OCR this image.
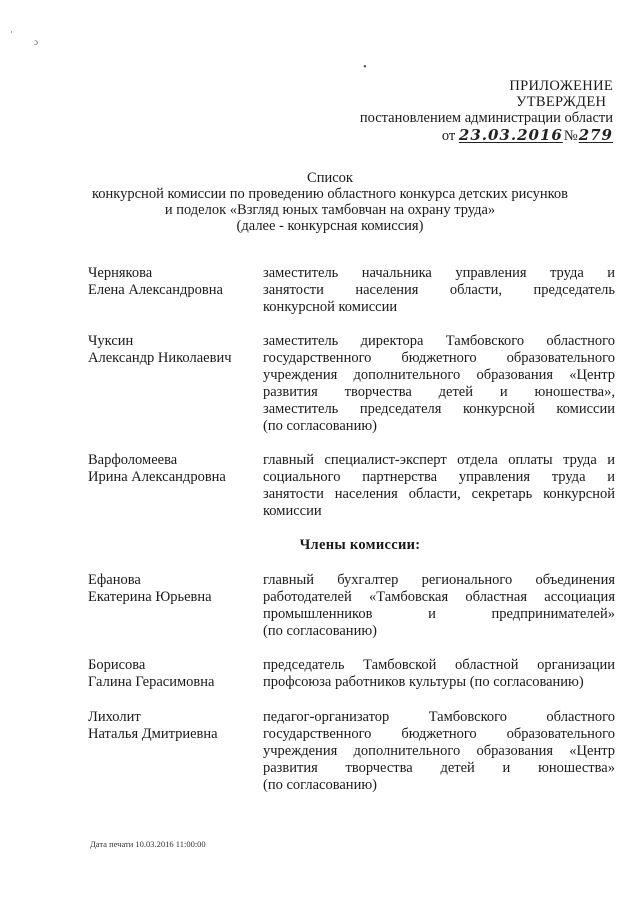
·
ɔ
•
ПРИЛОЖЕНИЕ
УТВЕРЖДЕН
постановлением администрации области
от 23.03.2016№279
Список
конкурсной комиссии по проведению областного конкурса детских рисунков
и поделок «Взгляд юных тамбовчан на охрану труда»
(далее - конкурсная комиссия)
Чернякова
Елена Александровна
заместитель начальника управления труда и
занятости населения области, председатель
конкурсной комиссии
Чуксин
Александр Николаевич
заместитель директора Тамбовского областного
государственного бюджетного образовательного
учреждения дополнительного образования «Центр
развития творчества детей и юношества»,
заместитель председателя конкурсной комиссии
(по согласованию)
Варфоломеева
Ирина Александровна
главный специалист-эксперт отдела оплаты труда и
социального партнерства управления труда и
занятости населения области, секретарь конкурсной
комиссии
Члены комиссии:
Ефанова
Екатерина Юрьевна
главный бухгалтер регионального объединения
работодателей «Тамбовская областная ассоциация
промышленников и предпринимателей»
(по согласованию)
Борисова
Галина Герасимовна
председатель Тамбовской областной организации
профсоюза работников культуры (по согласованию)
Лихолит
Наталья Дмитриевна
педагог-организатор Тамбовского областного
государственного бюджетного образовательного
учреждения дополнительного образования «Центр
развития творчества детей и юношества»
(по согласованию)
Дата печати 10.03.2016 11:00:00
